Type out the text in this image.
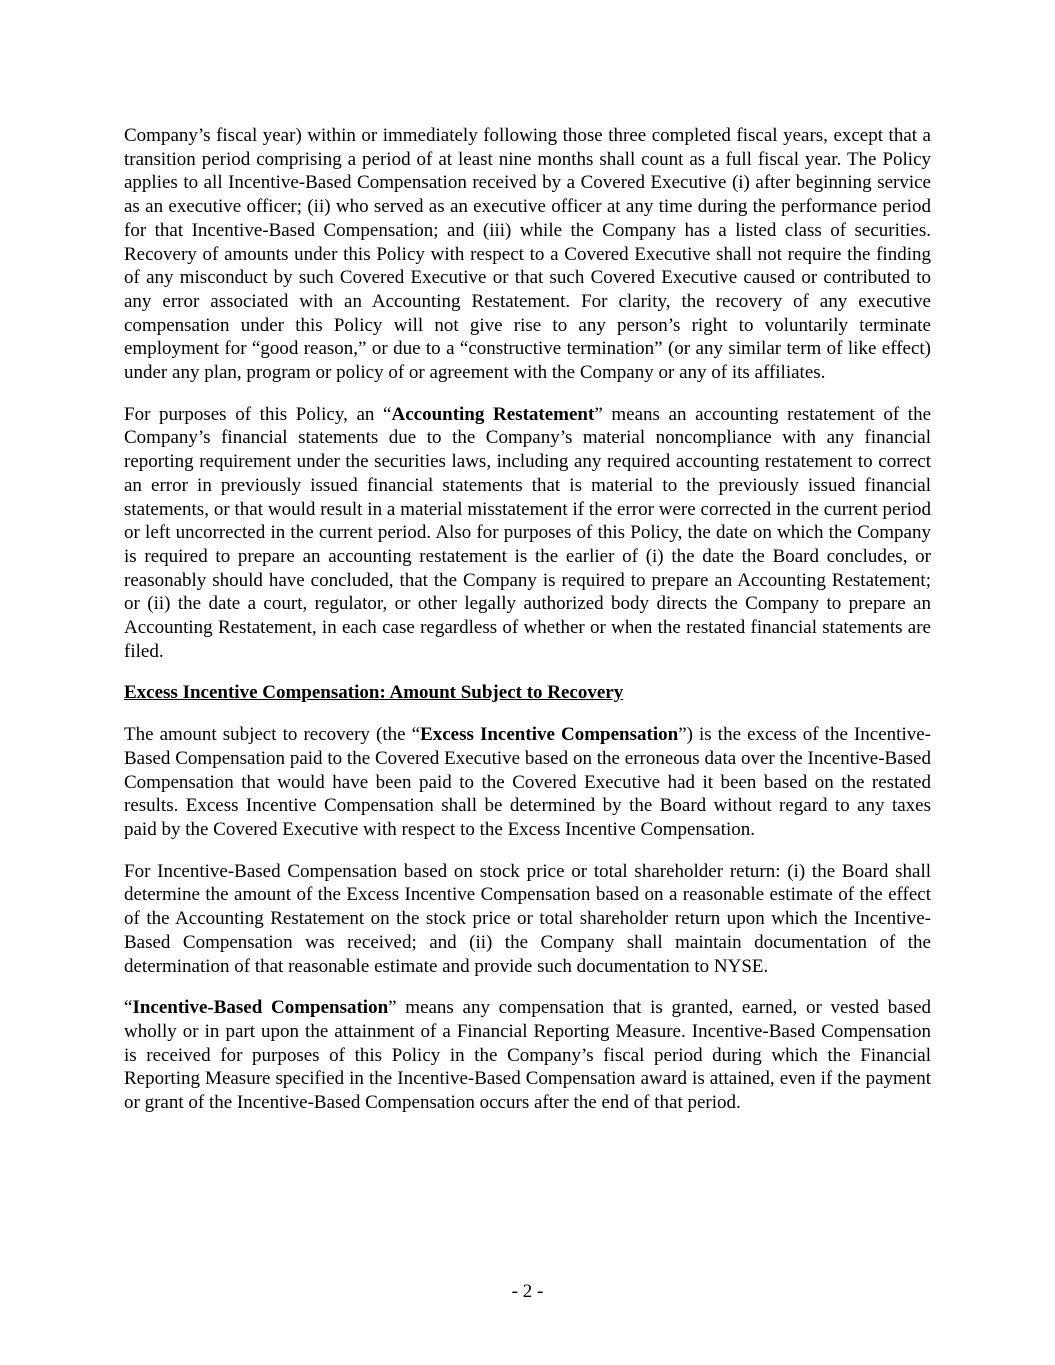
Company’s fiscal year) within or immediately following those three completed fiscal years, except that a transition period comprising a period of at least nine months shall count as a full fiscal year. The Policy applies to all Incentive-Based Compensation received by a Covered Executive (i) after beginning service as an executive officer; (ii) who served as an executive officer at any time during the performance period for that Incentive-Based Compensation; and (iii) while the Company has a listed class of securities. Recovery of amounts under this Policy with respect to a Covered Executive shall not require the finding of any misconduct by such Covered Executive or that such Covered Executive caused or contributed to any error associated with an Accounting Restatement. For clarity, the recovery of any executive compensation under this Policy will not give rise to any person’s right to voluntarily terminate employment for “good reason,” or due to a “constructive termination” (or any similar term of like effect) under any plan, program or policy of or agreement with the Company or any of its affiliates.

For purposes of this Policy, an “Accounting Restatement” means an accounting restatement of the Company’s financial statements due to the Company’s material noncompliance with any financial reporting requirement under the securities laws, including any required accounting restatement to correct an error in previously issued financial statements that is material to the previously issued financial statements, or that would result in a material misstatement if the error were corrected in the current period or left uncorrected in the current period. Also for purposes of this Policy, the date on which the Company is required to prepare an accounting restatement is the earlier of (i) the date the Board concludes, or reasonably should have concluded, that the Company is required to prepare an Accounting Restatement; or (ii) the date a court, regulator, or other legally authorized body directs the Company to prepare an Accounting Restatement, in each case regardless of whether or when the restated financial statements are filed.

Excess Incentive Compensation: Amount Subject to Recovery

The amount subject to recovery (the “Excess Incentive Compensation”) is the excess of the Incentive-Based Compensation paid to the Covered Executive based on the erroneous data over the Incentive-Based Compensation that would have been paid to the Covered Executive had it been based on the restated results. Excess Incentive Compensation shall be determined by the Board without regard to any taxes paid by the Covered Executive with respect to the Excess Incentive Compensation.

For Incentive-Based Compensation based on stock price or total shareholder return: (i) the Board shall determine the amount of the Excess Incentive Compensation based on a reasonable estimate of the effect of the Accounting Restatement on the stock price or total shareholder return upon which the Incentive-Based Compensation was received; and (ii) the Company shall maintain documentation of the determination of that reasonable estimate and provide such documentation to NYSE.

“Incentive-Based Compensation” means any compensation that is granted, earned, or vested based wholly or in part upon the attainment of a Financial Reporting Measure. Incentive-Based Compensation is received for purposes of this Policy in the Company’s fiscal period during which the Financial Reporting Measure specified in the Incentive-Based Compensation award is attained, even if the payment or grant of the Incentive-Based Compensation occurs after the end of that period.

- 2 -
